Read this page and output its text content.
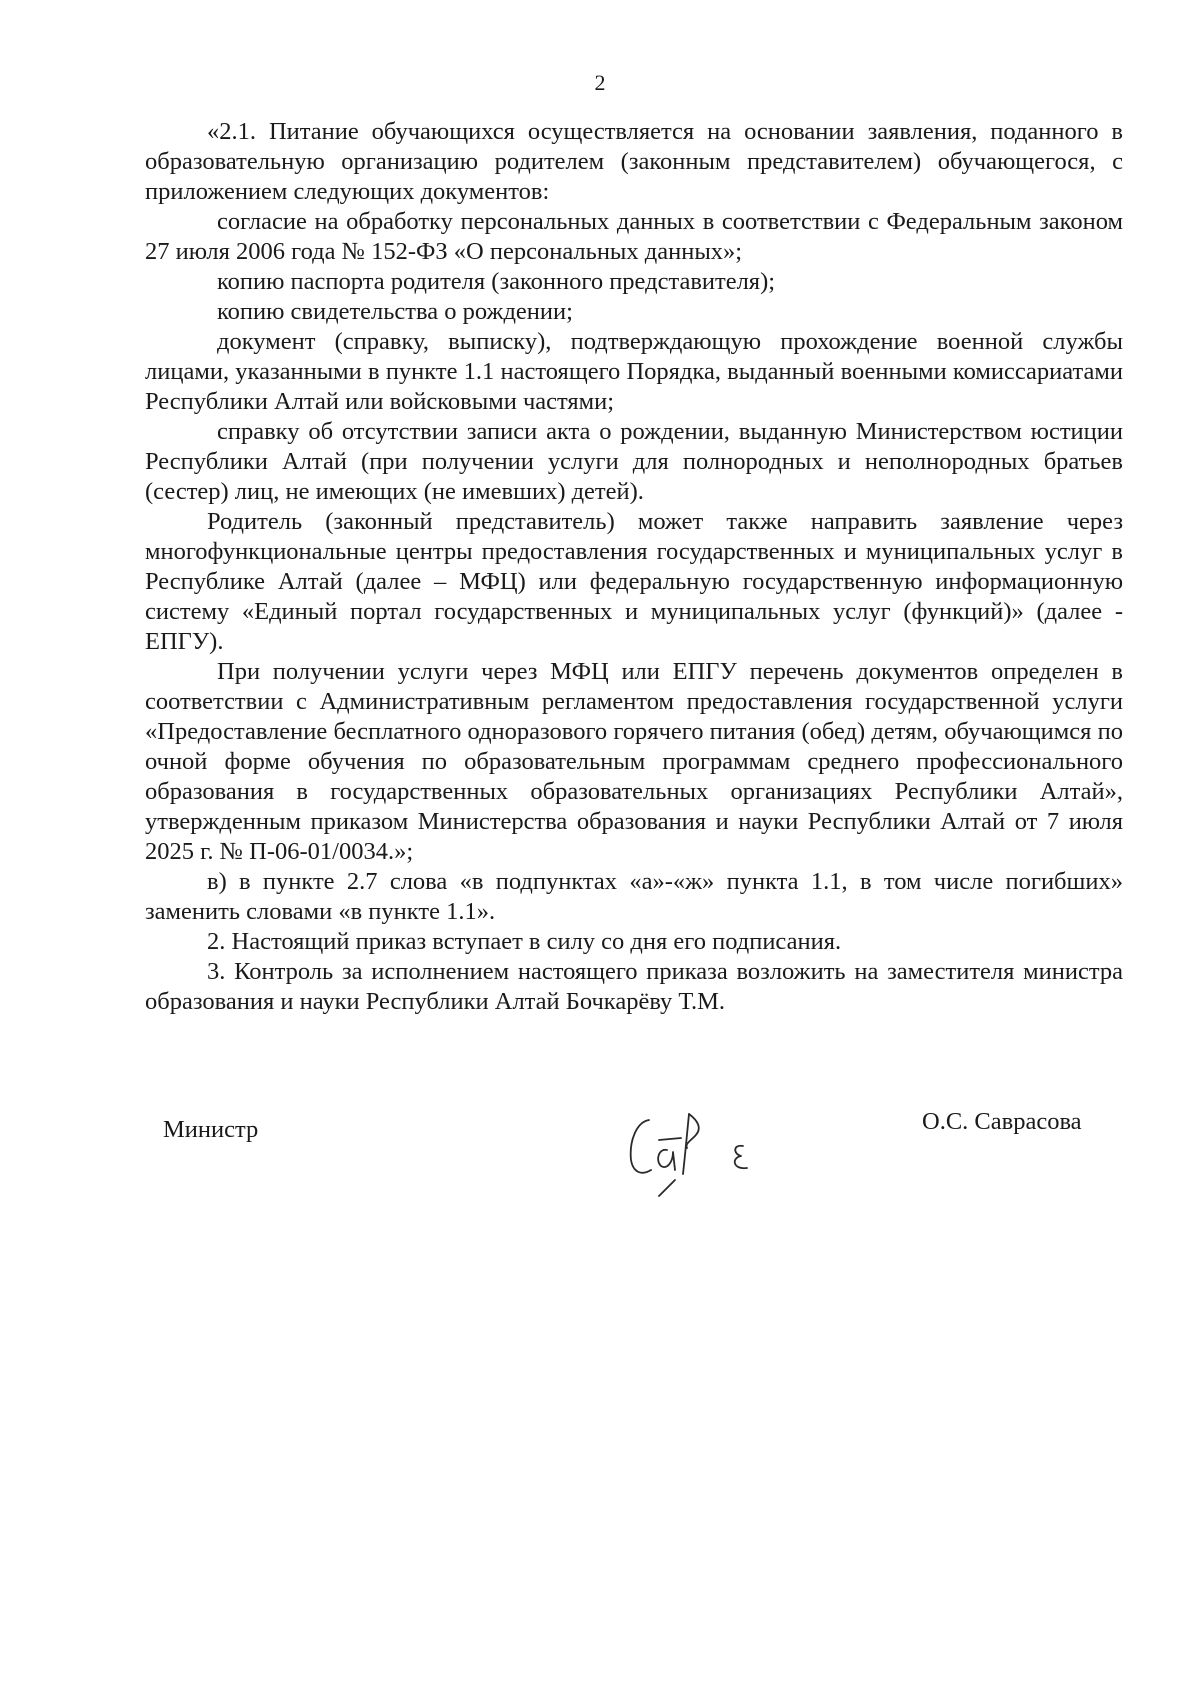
2

«2.1. Питание обучающихся осуществляется на основании заявления, поданного в образовательную организацию родителем (законным представителем) обучающегося, с приложением следующих документов:

согласие на обработку персональных данных в соответствии с Федеральным законом 27 июля 2006 года № 152-ФЗ «О персональных данных»;

копию паспорта родителя (законного представителя);

копию свидетельства о рождении;

документ (справку, выписку), подтверждающую прохождение военной службы лицами, указанными в пункте 1.1 настоящего Порядка, выданный военными комиссариатами Республики Алтай или войсковыми частями;

справку об отсутствии записи акта о рождении, выданную Министерством юстиции Республики Алтай (при получении услуги для полнородных и неполнородных братьев (сестер) лиц, не имеющих (не имевших) детей).

Родитель (законный представитель) может также направить заявление через многофункциональные центры предоставления государственных и муниципальных услуг в Республике Алтай (далее – МФЦ) или федеральную государственную информационную систему «Единый портал государственных и муниципальных услуг (функций)» (далее - ЕПГУ).

При получении услуги через МФЦ или ЕПГУ перечень документов определен в соответствии с Административным регламентом предоставления государственной услуги «Предоставление бесплатного одноразового горячего питания (обед) детям, обучающимся по очной форме обучения по образовательным программам среднего профессионального образования в государственных образовательных организациях Республики Алтай», утвержденным приказом Министерства образования и науки Республики Алтай от 7 июля 2025 г. № П-06-01/0034.»;

в) в пункте 2.7 слова «в подпунктах «а»-«ж» пункта 1.1, в том числе погибших» заменить словами «в пункте 1.1».

2. Настоящий приказ вступает в силу со дня его подписания.

3. Контроль за исполнением настоящего приказа возложить на заместителя министра образования и науки Республики Алтай Бочкарёву Т.М.

Министр	О.С. Саврасова
